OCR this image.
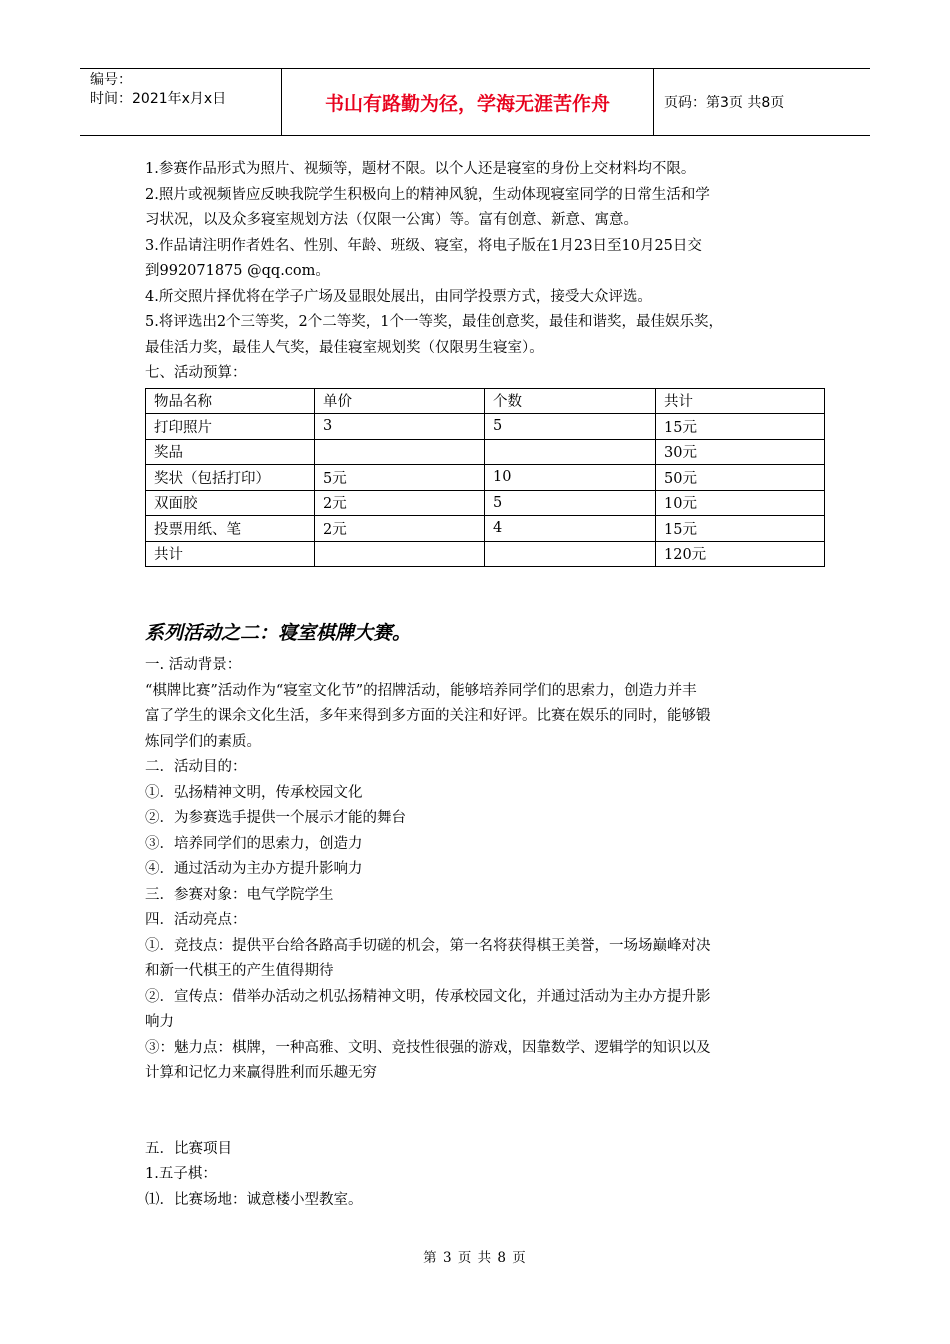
编号：
时间：2021年x月x日	书山有路勤为径，学海无涯苦作舟	页码：第3页 共8页
1.参赛作品形式为照片、视频等，题材不限。以个人还是寝室的身份上交材料均不限。
2.照片或视频皆应反映我院学生积极向上的精神风貌，生动体现寝室同学的日常生活和学
习状况，以及众多寝室规划方法（仅限一公寓）等。富有创意、新意、寓意。
3.作品请注明作者姓名、性别、年龄、班级、寝室，将电子版在1月23日至10月25日交
到992071875 @qq.com。
4.所交照片择优将在学子广场及显眼处展出，由同学投票方式，接受大众评选。
5.将评选出2个三等奖，2个二等奖，1个一等奖，最佳创意奖，最佳和谐奖，最佳娱乐奖，
最佳活力奖，最佳人气奖，最佳寝室规划奖（仅限男生寝室）。
七、活动预算：
物品名称	单价	个数	共计
打印照片	3	5	15元
奖品			30元
奖状（包括打印）	5元	10	50元
双面胶	2元	5	10元
投票用纸、笔	2元	4	15元
共计			120元
系列活动之二：寝室棋牌大赛。
一. 活动背景：
“棋牌比赛”活动作为“寝室文化节”的招牌活动，能够培养同学们的思索力，创造力并丰
富了学生的课余文化生活，多年来得到多方面的关注和好评。比赛在娱乐的同时，能够锻
炼同学们的素质。
二．活动目的：
①．弘扬精神文明，传承校园文化
②．为参赛选手提供一个展示才能的舞台
③．培养同学们的思索力，创造力
④．通过活动为主办方提升影响力
三．参赛对象：电气学院学生
四．活动亮点：
①．竞技点：提供平台给各路高手切磋的机会，第一名将获得棋王美誉，一场场巅峰对决
和新一代棋王的产生值得期待
②．宣传点：借举办活动之机弘扬精神文明，传承校园文化，并通过活动为主办方提升影
响力
③：魅力点：棋牌，一种高雅、文明、竞技性很强的游戏，因靠数学、逻辑学的知识以及
计算和记忆力来赢得胜利而乐趣无穷
五．比赛项目
1.五子棋：
⑴．比赛场地：诚意楼小型教室。
第 3 页 共 8 页
